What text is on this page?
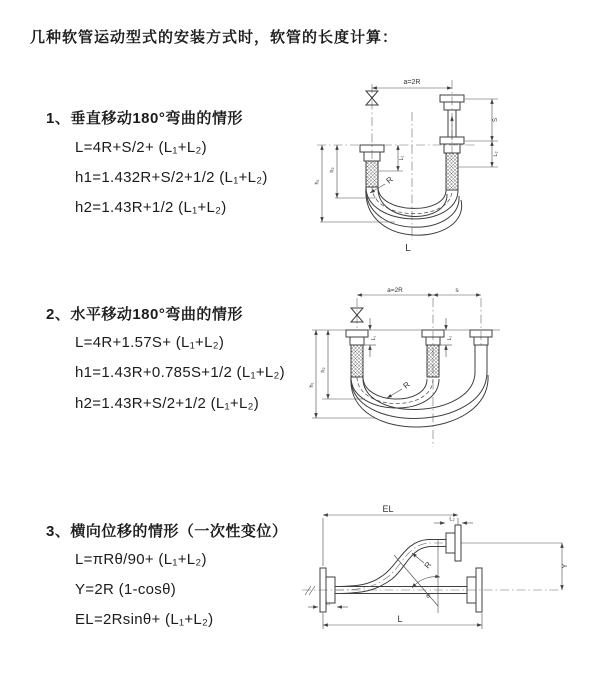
几种软管运动型式的安装方式时，软管的长度计算：
1、垂直移动180°弯曲的情形
L=4R+S/2+ (L₁+L₂)
h1=1.432R+S/2+1/2 (L₁+L₂)
h2=1.43R+1/2 (L₁+L₂)
2、水平移动180°弯曲的情形
L=4R+1.57S+ (L₁+L₂)
h1=1.43R+0.785S+1/2 (L₁+L₂)
h2=1.43R+S/2+1/2 (L₁+L₂)
3、横向位移的情形（一次性变位）
L=πRθ/90+ (L₁+L₂)
Y=2R (1-cosθ)
EL=2Rsinθ+ (L₁+L₂)
a=2R
h₂
h₁
L₁
S
L₂
R
L
a=2R	s
L₁	L₂
h₂
h₁	R
EL
L₂
Y
L
L₁
R
θ
